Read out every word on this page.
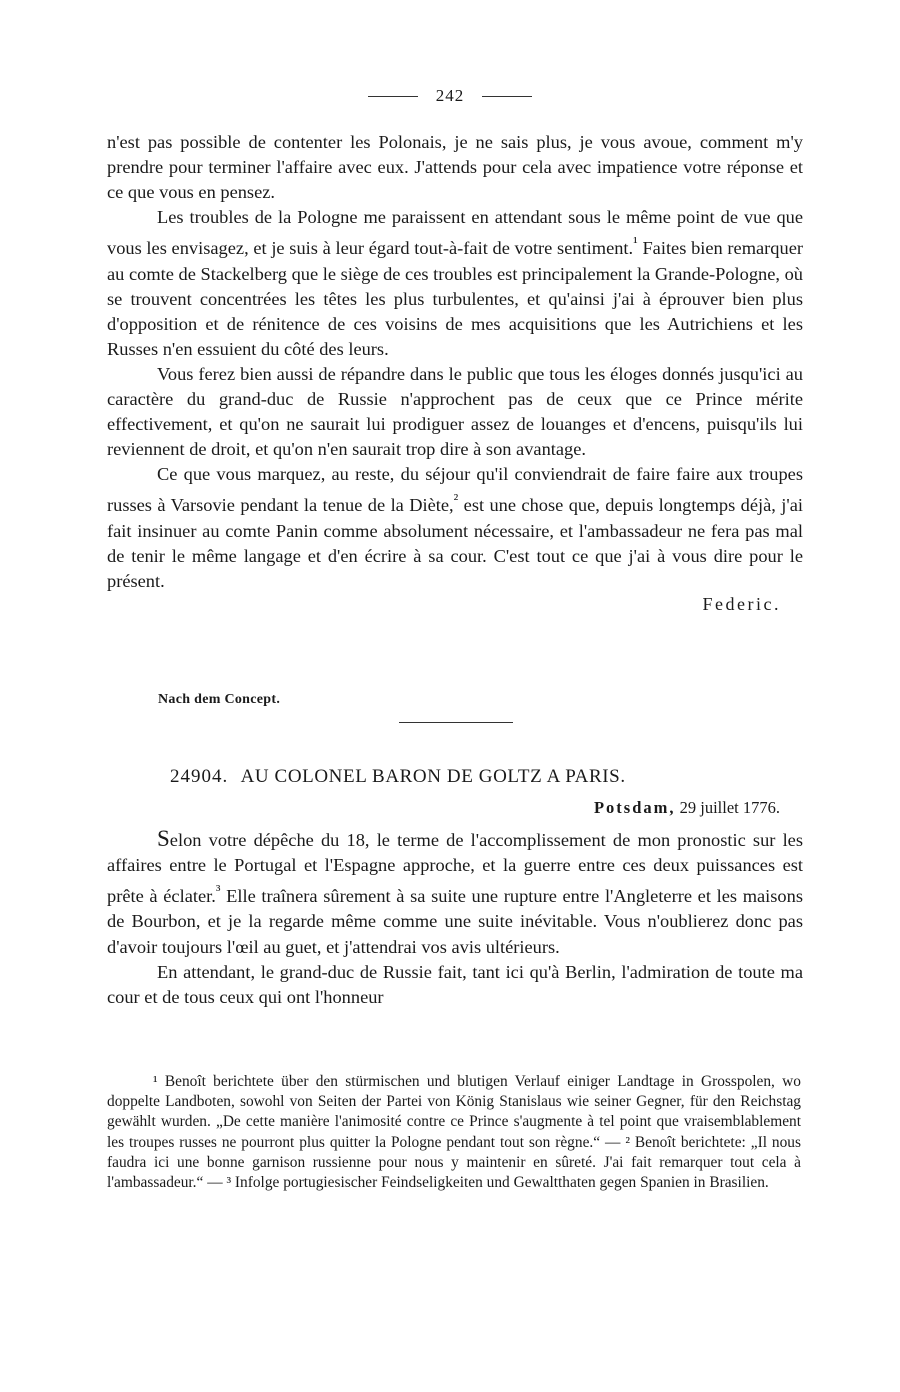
242

n'est pas possible de contenter les Polonais, je ne sais plus, je vous avoue, comment m'y prendre pour terminer l'affaire avec eux. J'attends pour cela avec impatience votre réponse et ce que vous en pensez.

Les troubles de la Pologne me paraissent en attendant sous le même point de vue que vous les envisagez, et je suis à leur égard tout-à-fait de votre sentiment.$^{^1}$ Faites bien remarquer au comte de Stackelberg que le siège de ces troubles est principalement la Grande-Pologne, où se trouvent concentrées les têtes les plus turbulentes, et qu'ainsi j'ai à éprouver bien plus d'opposition et de rénitence de ces voisins de mes acquisitions que les Autrichiens et les Russes n'en essuient du côté des leurs.

Vous ferez bien aussi de répandre dans le public que tous les éloges donnés jusqu'ici au caractère du grand-duc de Russie n'approchent pas de ceux que ce Prince mérite effectivement, et qu'on ne saurait lui prodiguer assez de louanges et d'encens, puisqu'ils lui reviennent de droit, et qu'on n'en saurait trop dire à son avantage.

Ce que vous marquez, au reste, du séjour qu'il conviendrait de faire faire aux troupes russes à Varsovie pendant la tenue de la Diète,$^{^2}$ est une chose que, depuis longtemps déjà, j'ai fait insinuer au comte Panin comme absolument nécessaire, et l'ambassadeur ne fera pas mal de tenir le même langage et d'en écrire à sa cour. C'est tout ce que j'ai à vous dire pour le présent.

Federic.
Nach dem Concept.
24904. AU COLONEL BARON DE GOLTZ A PARIS.
Potsdam, 29 juillet 1776.

Selon votre dépêche du 18, le terme de l'accomplissement de mon pronostic sur les affaires entre le Portugal et l'Espagne approche, et la guerre entre ces deux puissances est prête à éclater.$^{^3}$ Elle traînera sûrement à sa suite une rupture entre l'Angleterre et les maisons de Bourbon, et je la regarde même comme une suite inévitable. Vous n'oublierez donc pas d'avoir toujours l'œil au guet, et j'attendrai vos avis ultérieurs.

En attendant, le grand-duc de Russie fait, tant ici qu'à Berlin, l'admiration de toute ma cour et de tous ceux qui ont l'honneur

¹ Benoît berichtete über den stürmischen und blutigen Verlauf einiger Landtage in Grosspolen, wo doppelte Landboten, sowohl von Seiten der Partei von König Stanislaus wie seiner Gegner, für den Reichstag gewählt wurden. „De cette manière l'animosité contre ce Prince s'augmente à tel point que vraisemblablement les troupes russes ne pourront plus quitter la Pologne pendant tout son règne.“ — ² Benoît berichtete: „Il nous faudra ici une bonne garnison russienne pour nous y maintenir en sûreté. J'ai fait remarquer tout cela à l'ambassadeur.“ — ³ Infolge portugiesischer Feindseligkeiten und Gewaltthaten gegen Spanien in Brasilien.
